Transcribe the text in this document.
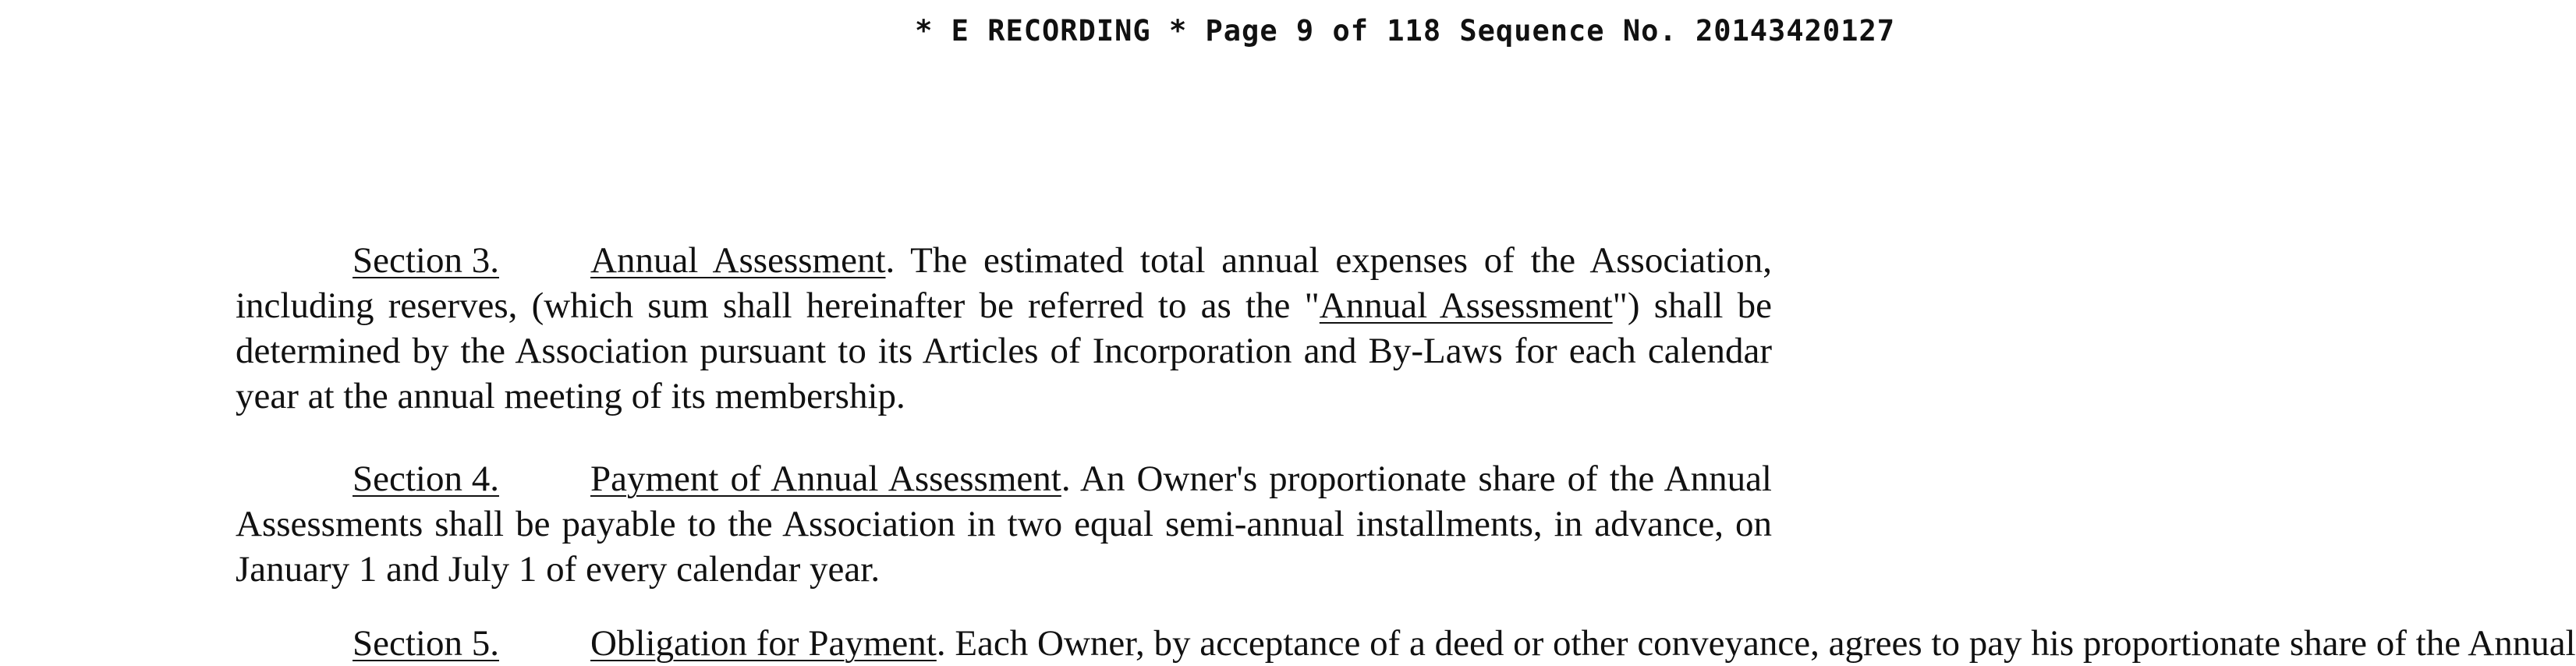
* E RECORDING * Page 9 of 118 Sequence No. 20143420127

Section 3. Annual Assessment. The estimated total annual expenses of the Association, including reserves, (which sum shall hereinafter be referred to as the "Annual Assessment") shall be determined by the Association pursuant to its Articles of Incorporation and By-Laws for each calendar year at the annual meeting of its membership.

Section 4. Payment of Annual Assessment. An Owner's proportionate share of the Annual Assessments shall be payable to the Association in two equal semi-annual installments, in advance, on January 1 and July 1 of every calendar year.

Section 5. Obligation for Payment. Each Owner, by acceptance of a deed or other conveyance, agrees to pay his proportionate share of the Annual
